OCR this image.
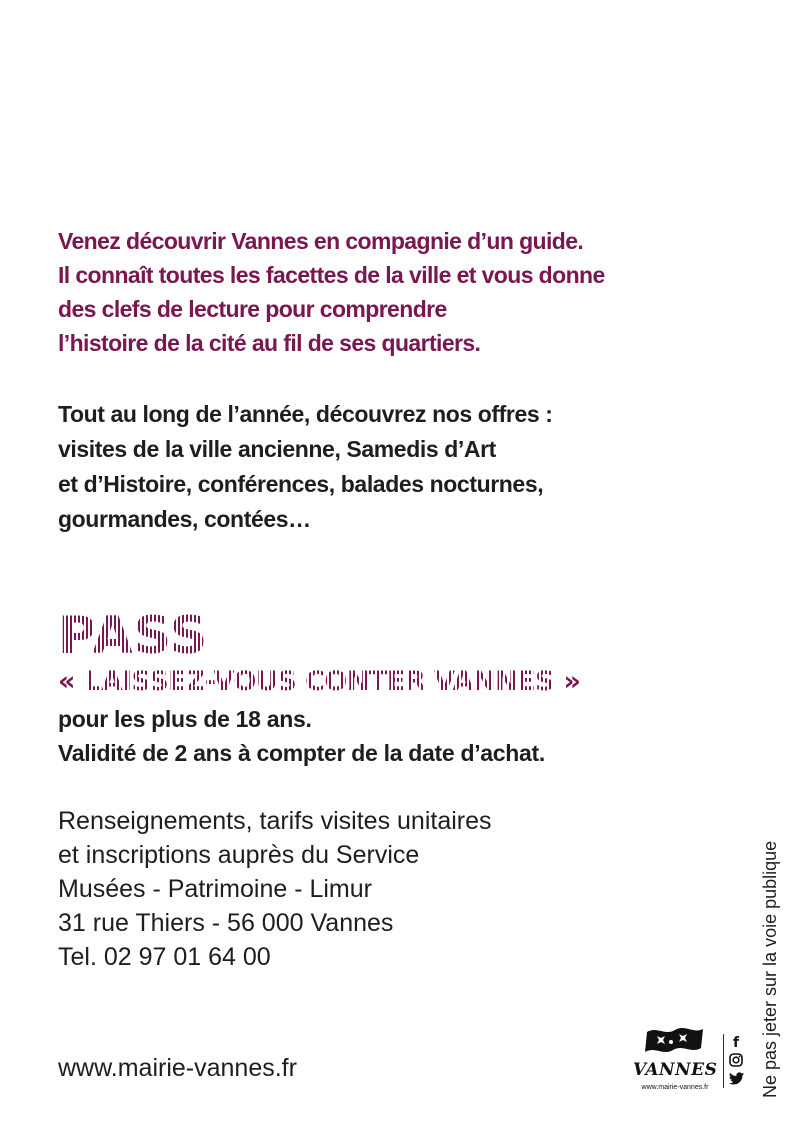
Venez découvrir Vannes en compagnie d’un guide.
Il connaît toutes les facettes de la ville et vous donne
des clefs de lecture pour comprendre
l’histoire de la cité au fil de ses quartiers.
Tout au long de l’année, découvrez nos offres :
visites de la ville ancienne, Samedis d’Art
et d’Histoire, conférences, balades nocturnes,
gourmandes, contées…
PASS
« LAISSEZ-VOUS CONTER VANNES »
pour les plus de 18 ans.
Validité de 2 ans à compter de la date d’achat.
Renseignements, tarifs visites unitaires
et inscriptions auprès du Service
Musées - Patrimoine - Limur
31 rue Thiers - 56 000 Vannes
Tel. 02 97 01 64 00
www.mairie-vannes.fr	VANNES
www.mairie-vannes.fr
f Ne pas jeter sur la voie publique
